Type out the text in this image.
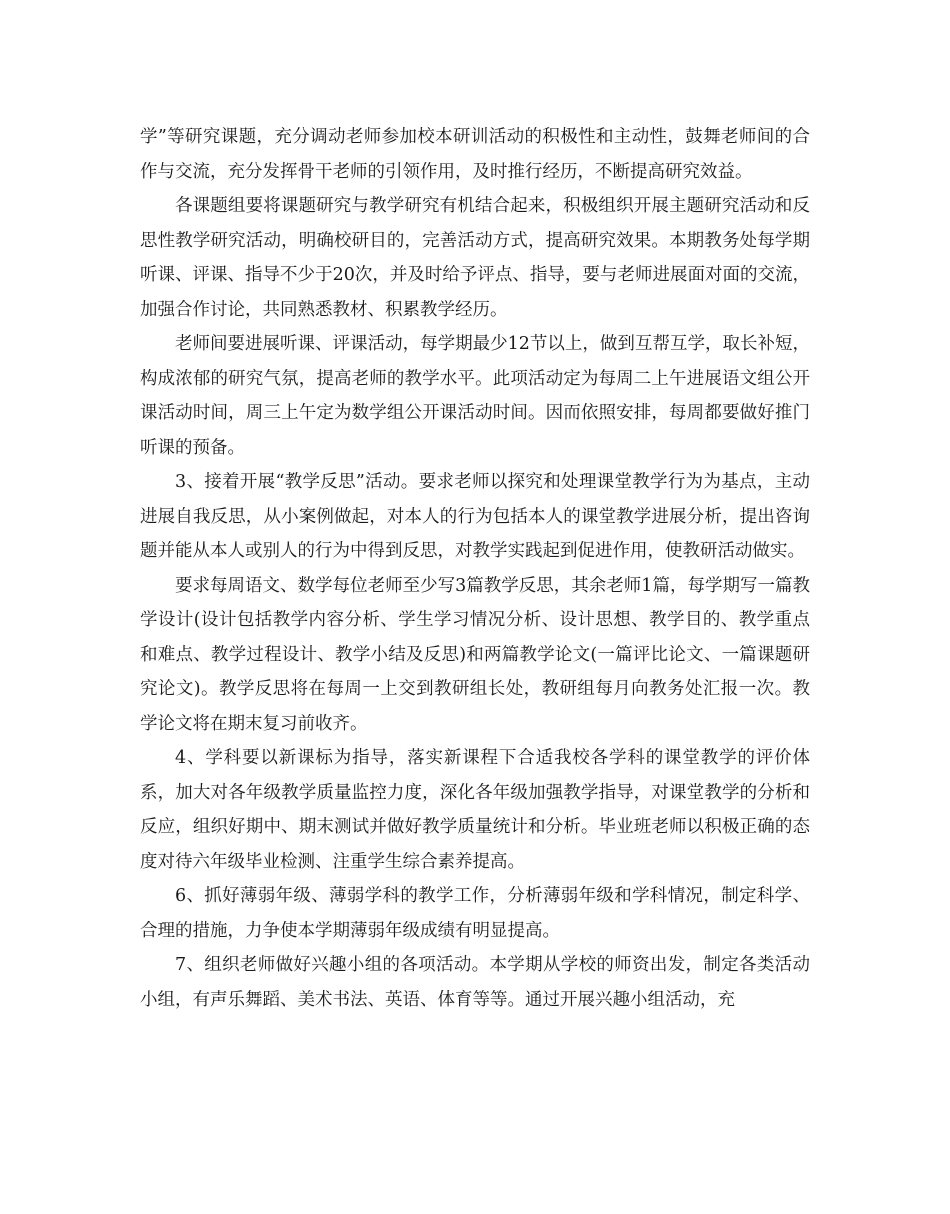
学”等研究课题，充分调动老师参加校本研训活动的积极性和主动性，鼓舞老师间的合作与交流，充分发挥骨干老师的引领作用，及时推行经历，不断提高研究效益。

各课题组要将课题研究与教学研究有机结合起来，积极组织开展主题研究活动和反思性教学研究活动，明确校研目的，完善活动方式，提高研究效果。本期教务处每学期听课、评课、指导不少于20次，并及时给予评点、指导，要与老师进展面对面的交流，加强合作讨论，共同熟悉教材、积累教学经历。

老师间要进展听课、评课活动，每学期最少12节以上，做到互帮互学，取长补短，构成浓郁的研究气氛，提高老师的教学水平。此项活动定为每周二上午进展语文组公开课活动时间，周三上午定为数学组公开课活动时间。因而依照安排，每周都要做好推门听课的预备。

3、接着开展“教学反思”活动。要求老师以探究和处理课堂教学行为为基点，主动进展自我反思，从小案例做起，对本人的行为包括本人的课堂教学进展分析，提出咨询题并能从本人或别人的行为中得到反思，对教学实践起到促进作用，使教研活动做实。

要求每周语文、数学每位老师至少写3篇教学反思，其余老师1篇，每学期写一篇教学设计(设计包括教学内容分析、学生学习情况分析、设计思想、教学目的、教学重点和难点、教学过程设计、教学小结及反思)和两篇教学论文(一篇评比论文、一篇课题研究论文)。教学反思将在每周一上交到教研组长处，教研组每月向教务处汇报一次。教学论文将在期末复习前收齐。

4、学科要以新课标为指导，落实新课程下合适我校各学科的课堂教学的评价体系，加大对各年级教学质量监控力度，深化各年级加强教学指导，对课堂教学的分析和反应，组织好期中、期末测试并做好教学质量统计和分析。毕业班老师以积极正确的态度对待六年级毕业检测、注重学生综合素养提高。

6、抓好薄弱年级、薄弱学科的教学工作，分析薄弱年级和学科情况，制定科学、合理的措施，力争使本学期薄弱年级成绩有明显提高。

7、组织老师做好兴趣小组的各项活动。本学期从学校的师资出发，制定各类活动小组，有声乐舞蹈、美术书法、英语、体育等等。通过开展兴趣小组活动，充
